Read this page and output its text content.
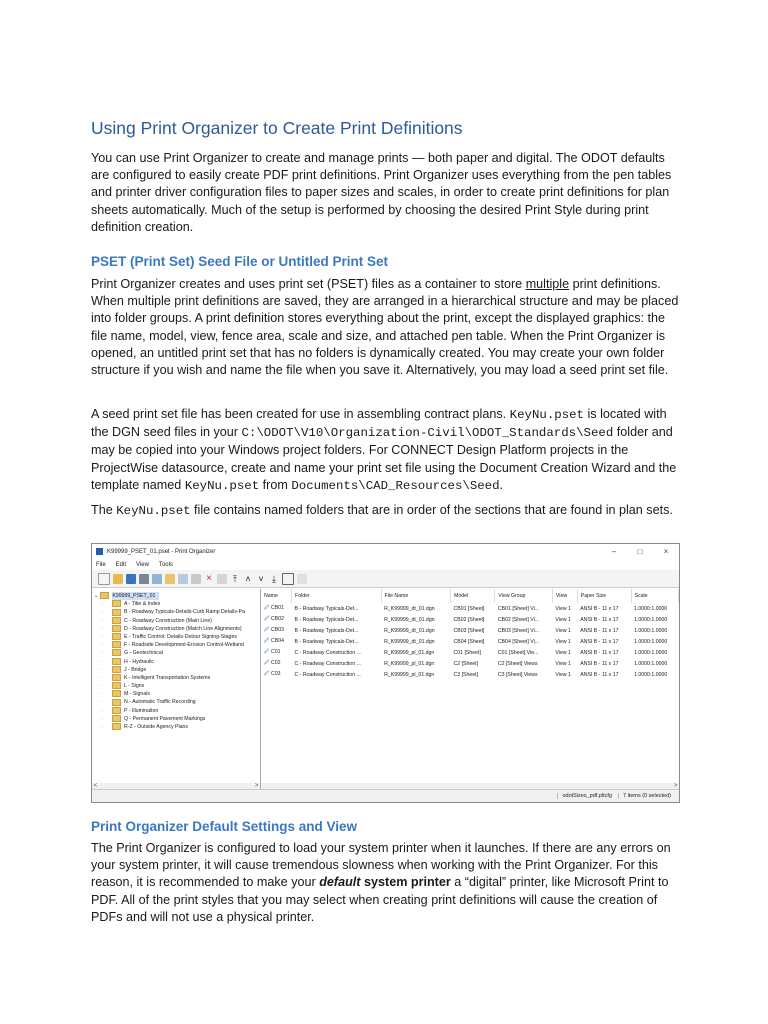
Using Print Organizer to Create Print Definitions

You can use Print Organizer to create and manage prints — both paper and digital. The ODOT defaults are configured to easily create PDF print definitions. Print Organizer uses everything from the pen tables and printer driver configuration files to paper sizes and scales, in order to create print definitions for plan sheets automatically. Much of the setup is performed by choosing the desired Print Style during print definition creation.

PSET (Print Set) Seed File or Untitled Print Set

Print Organizer creates and uses print set (PSET) files as a container to store multiple print definitions. When multiple print definitions are saved, they are arranged in a hierarchical structure and may be placed into folder groups. A print definition stores everything about the print, except the displayed graphics: the file name, model, view, fence area, scale and size, and attached pen table. When the Print Organizer is opened, an untitled print set that has no folders is dynamically created. You may create your own folder structure if you wish and name the file when you save it. Alternatively, you may load a seed print set file.

A seed print set file has been created for use in assembling contract plans. KeyNu.pset is located with the DGN seed files in your C:\ODOT\V10\Organization-Civil\ODOT_Standards\Seed folder and may be copied into your Windows project folders. For CONNECT Design Platform projects in the ProjectWise datasource, create and name your print set file using the Document Creation Wizard and the template named KeyNu.pset from Documents\CAD_Resources\Seed.

The KeyNu.pset file contains named folders that are in order of the sections that are found in plan sets.

Print Organizer Default Settings and View

The Print Organizer is configured to load your system printer when it launches. If there are any errors on your system printer, it will cause tremendous slowness when working with the Print Organizer. For this reason, it is recommended to make your default system printer a “digital” printer, like Microsoft Print to PDF. All of the print styles that you may select when creating print definitions will cause the creation of PDFs and will not use a physical printer.

K99999_PSET_01.pset - Print Organizer	–	□	×
File Edit View Tools
×	⤒ ˄ ˅ ⤓
⌄	K99999_PSET_01
⋯	A - Title & Index
⋯	B - Roadway Typicals-Details-Curb Ramp Details-Pa
⋯	C - Roadway Construction (Main Line)
⋯	D - Roadway Construction (Match Line Alignments)
⋯	E - Traffic Control: Details-Detour Signing-Stages
⋯	F - Roadside Development-Erosion Control-Wetland
⋯	G - Geotechnical
⋯	H - Hydraulic
⋯	J - Bridge
⋯	K - Intelligent Transportation Systems
⋯	L - Signs
⋯	M - Signals
⋯	N - Automatic Traffic Recording
⋯	P - Illumination
⋯	Q - Permanent Pavement Markings
⋯	R-Z - Outside Agency Plans
<	>
Name	Folder	File Name	Model	View Group	View	Paper Size	Scale
🖉 CB01	B - Roadway Typicals-Det...	R_K99999_dt_01.dgn	CB01 [Sheet]	CB01 [Sheet] Vi...	View 1	ANSI B - 11 x 17	1.0000:1.0000
🖉 CB02	B - Roadway Typicals-Det...	R_K99999_dt_01.dgn	CB02 [Sheet]	CB02 [Sheet] Vi...	View 1	ANSI B - 11 x 17	1.0000:1.0000
🖉 CB03	B - Roadway Typicals-Det...	R_K99999_dt_01.dgn	CB03 [Sheet]	CB03 [Sheet] Vi...	View 1	ANSI B - 11 x 17	1.0000:1.0000
🖉 CB04	B - Roadway Typicals-Det...	R_K99999_dt_01.dgn	CB04 [Sheet]	CB04 [Sheet] Vi...	View 1	ANSI B - 11 x 17	1.0000:1.0000
🖉 C01	C - Roadway Construction ...	R_K99999_pl_01.dgn	C01 [Sheet]	C01 [Sheet] Vie...	View 1	ANSI B - 11 x 17	1.0000:1.0000
🖉 C02	C - Roadway Construction ...	R_K99999_pl_01.dgn	C2 [Sheet]	C2 [Sheet] Views	View 1	ANSI B - 11 x 17	1.0000:1.0000
🖉 C03	C - Roadway Construction ...	R_K99999_pl_01.dgn	C3 [Sheet]	C3 [Sheet] Views	View 1	ANSI B - 11 x 17	1.0000:1.0000

>
odotSizes_pdf.pltcfg	7 items (0 selected)
